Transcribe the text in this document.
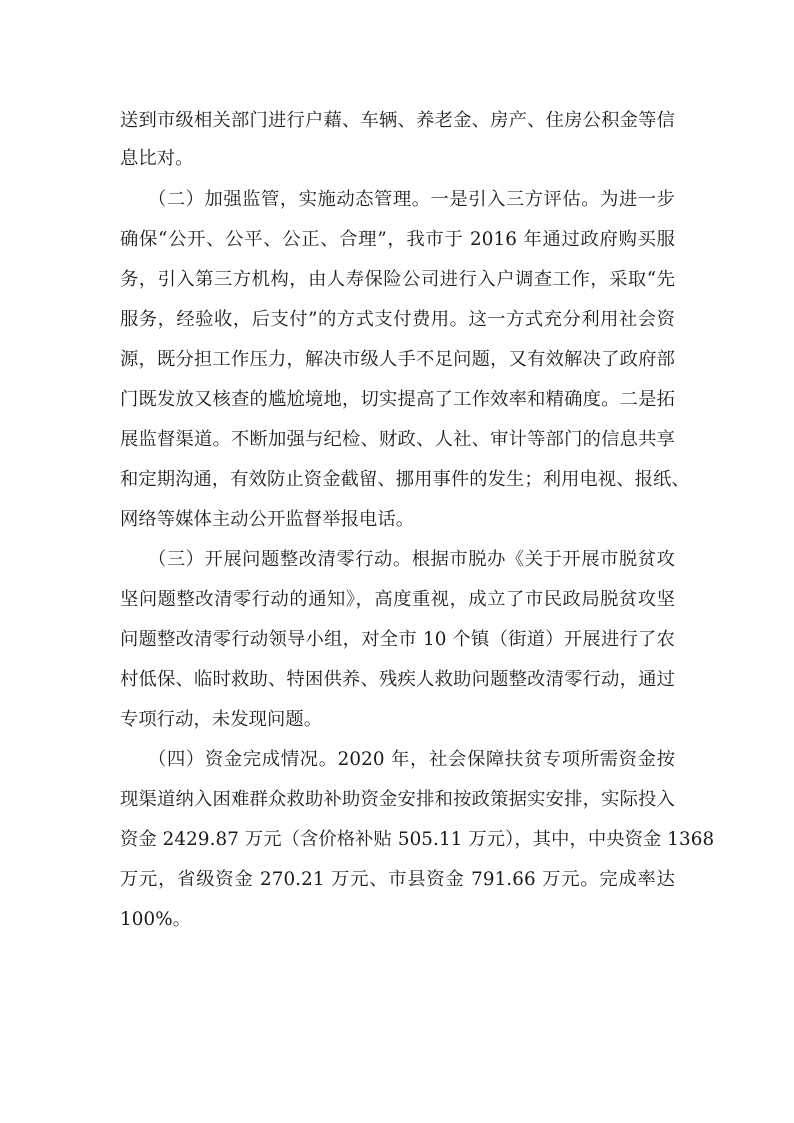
送到市级相关部门进行户藉、车辆、养老金、房产、住房公积金等信
息比对。
（二）加强监管，实施动态管理。一是引入三方评估。为进一步
确保“公开、公平、公正、合理”，我市于 2016 年通过政府购买服
务，引入第三方机构，由人寿保险公司进行入户调查工作，采取“先
服务，经验收，后支付”的方式支付费用。这一方式充分利用社会资
源，既分担工作压力，解决市级人手不足问题，又有效解决了政府部
门既发放又核查的尴尬境地，切实提高了工作效率和精确度。二是拓
展监督渠道。不断加强与纪检、财政、人社、审计等部门的信息共享
和定期沟通，有效防止资金截留、挪用事件的发生；利用电视、报纸、
网络等媒体主动公开监督举报电话。
（三）开展问题整改清零行动。根据市脱办《关于开展市脱贫攻
坚问题整改清零行动的通知》，高度重视，成立了市民政局脱贫攻坚
问题整改清零行动领导小组，对全市 10 个镇（街道）开展进行了农
村低保、临时救助、特困供养、残疾人救助问题整改清零行动，通过
专项行动，未发现问题。
（四）资金完成情况。2020 年，社会保障扶贫专项所需资金按
现渠道纳入困难群众救助补助资金安排和按政策据实安排，实际投入
资金 2429.87 万元（含价格补贴 505.11 万元），其中，中央资金 1368
万元，省级资金 270.21 万元、市县资金 791.66 万元。完成率达
100%。
